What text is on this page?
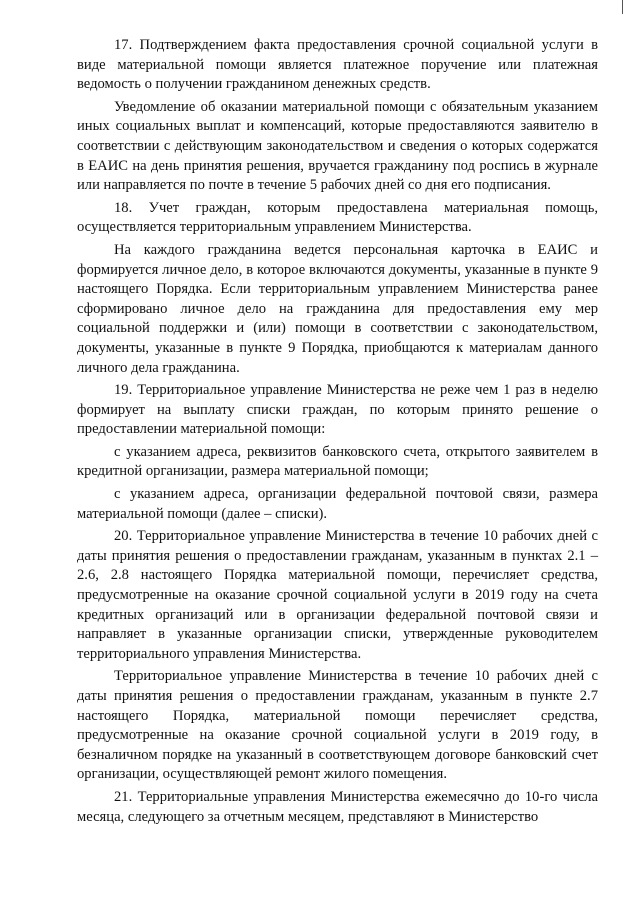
17. Подтверждением факта предоставления срочной социальной услуги в виде материальной помощи является платежное поручение или платежная ведомость о получении гражданином денежных средств.

Уведомление об оказании материальной помощи с обязательным указанием иных социальных выплат и компенсаций, которые предоставляются заявителю в соответствии с действующим законодательством и сведения о которых содержатся в ЕАИС на день принятия решения, вручается гражданину под роспись в журнале или направляется по почте в течение 5 рабочих дней со дня его подписания.

18. Учет граждан, которым предоставлена материальная помощь, осуществляется территориальным управлением Министерства.

На каждого гражданина ведется персональная карточка в ЕАИС и формируется личное дело, в которое включаются документы, указанные в пункте 9 настоящего Порядка. Если территориальным управлением Министерства ранее сформировано личное дело на гражданина для предоставления ему мер социальной поддержки и (или) помощи в соответствии с законодательством, документы, указанные в пункте 9 Порядка, приобщаются к материалам данного личного дела гражданина.

19. Территориальное управление Министерства не реже чем 1 раз в неделю формирует на выплату списки граждан, по которым принято решение о предоставлении материальной помощи:

с указанием адреса, реквизитов банковского счета, открытого заявителем в кредитной организации, размера материальной помощи;

с указанием адреса, организации федеральной почтовой связи, размера материальной помощи (далее – списки).

20. Территориальное управление Министерства в течение 10 рабочих дней с даты принятия решения о предоставлении гражданам, указанным в пунктах 2.1 – 2.6, 2.8 настоящего Порядка материальной помощи, перечисляет средства, предусмотренные на оказание срочной социальной услуги в 2019 году на счета кредитных организаций или в организации федеральной почтовой связи и направляет в указанные организации списки, утвержденные руководителем территориального управления Министерства.

Территориальное управление Министерства в течение 10 рабочих дней с даты принятия решения о предоставлении гражданам, указанным в пункте 2.7 настоящего Порядка, материальной помощи перечисляет средства, предусмотренные на оказание срочной социальной услуги в 2019 году, в безналичном порядке на указанный в соответствующем договоре банковский счет организации, осуществляющей ремонт жилого помещения.

21. Территориальные управления Министерства ежемесячно до 10-го числа месяца, следующего за отчетным месяцем, представляют в Министерство
